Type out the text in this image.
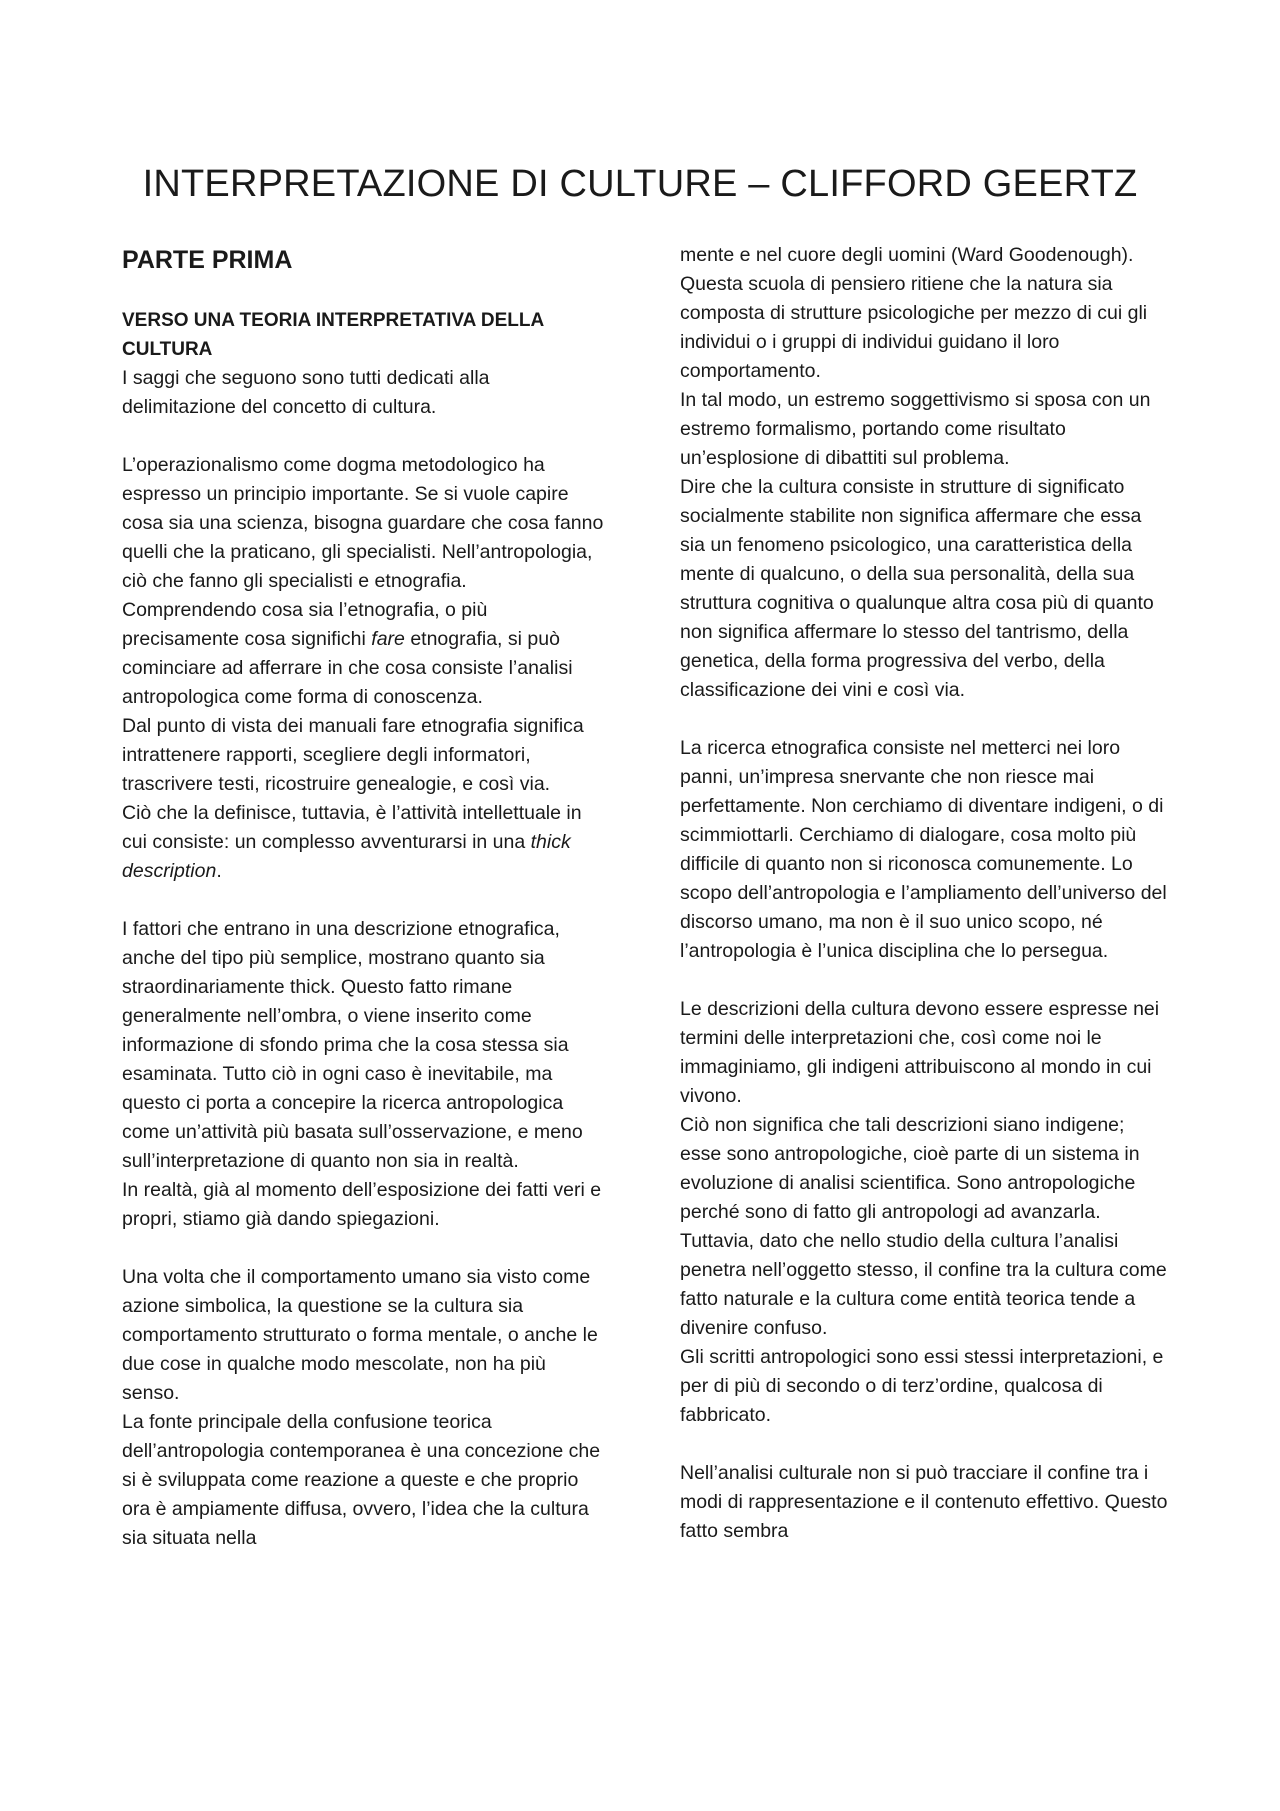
INTERPRETAZIONE DI CULTURE – CLIFFORD GEERTZ
PARTE PRIMA
VERSO UNA TEORIA INTERPRETATIVA DELLA CULTURA

I saggi che seguono sono tutti dedicati alla delimitazione del concetto di cultura.

L’operazionalismo come dogma metodologico ha espresso un principio importante. Se si vuole capire cosa sia una scienza, bisogna guardare che cosa fanno quelli che la praticano, gli specialisti. Nell’antropologia, ciò che fanno gli specialisti e etnografia.

Comprendendo cosa sia l’etnografia, o più precisamente cosa significhi fare etnografia, si può cominciare ad afferrare in che cosa consiste l’analisi antropologica come forma di conoscenza.

Dal punto di vista dei manuali fare etnografia significa intrattenere rapporti, scegliere degli informatori, trascrivere testi, ricostruire genealogie, e così via.

Ciò che la definisce, tuttavia, è l’attività intellettuale in cui consiste: un complesso avventurarsi in una thick description.

I fattori che entrano in una descrizione etnografica, anche del tipo più semplice, mostrano quanto sia straordinariamente thick. Questo fatto rimane generalmente nell’ombra, o viene inserito come informazione di sfondo prima che la cosa stessa sia esaminata. Tutto ciò in ogni caso è inevitabile, ma questo ci porta a concepire la ricerca antropologica come un’attività più basata sull’osservazione, e meno sull’interpretazione di quanto non sia in realtà.

In realtà, già al momento dell’esposizione dei fatti veri e propri, stiamo già dando spiegazioni.

Una volta che il comportamento umano sia visto come azione simbolica, la questione se la cultura sia comportamento strutturato o forma mentale, o anche le due cose in qualche modo mescolate, non ha più senso.

La fonte principale della confusione teorica dell’antropologia contemporanea è una concezione che si è sviluppata come reazione a queste e che proprio ora è ampiamente diffusa, ovvero, l’idea che la cultura sia situata nella

mente e nel cuore degli uomini (Ward Goodenough).

Questa scuola di pensiero ritiene che la natura sia composta di strutture psicologiche per mezzo di cui gli individui o i gruppi di individui guidano il loro comportamento.

In tal modo, un estremo soggettivismo si sposa con un estremo formalismo, portando come risultato un’esplosione di dibattiti sul problema.

Dire che la cultura consiste in strutture di significato socialmente stabilite non significa affermare che essa sia un fenomeno psicologico, una caratteristica della mente di qualcuno, o della sua personalità, della sua struttura cognitiva o qualunque altra cosa più di quanto non significa affermare lo stesso del tantrismo, della genetica, della forma progressiva del verbo, della classificazione dei vini e così via.

La ricerca etnografica consiste nel metterci nei loro panni, un’impresa snervante che non riesce mai perfettamente. Non cerchiamo di diventare indigeni, o di scimmiottarli. Cerchiamo di dialogare, cosa molto più difficile di quanto non si riconosca comunemente. Lo scopo dell’antropologia e l’ampliamento dell’universo del discorso umano, ma non è il suo unico scopo, né l’antropologia è l’unica disciplina che lo persegua.

Le descrizioni della cultura devono essere espresse nei termini delle interpretazioni che, così come noi le immaginiamo, gli indigeni attribuiscono al mondo in cui vivono.

Ciò non significa che tali descrizioni siano indigene; esse sono antropologiche, cioè parte di un sistema in evoluzione di analisi scientifica. Sono antropologiche perché sono di fatto gli antropologi ad avanzarla.

Tuttavia, dato che nello studio della cultura l’analisi penetra nell’oggetto stesso, il confine tra la cultura come fatto naturale e la cultura come entità teorica tende a divenire confuso.

Gli scritti antropologici sono essi stessi interpretazioni, e per di più di secondo o di terz’ordine, qualcosa di fabbricato.

Nell’analisi culturale non si può tracciare il confine tra i modi di rappresentazione e il contenuto effettivo. Questo fatto sembra
